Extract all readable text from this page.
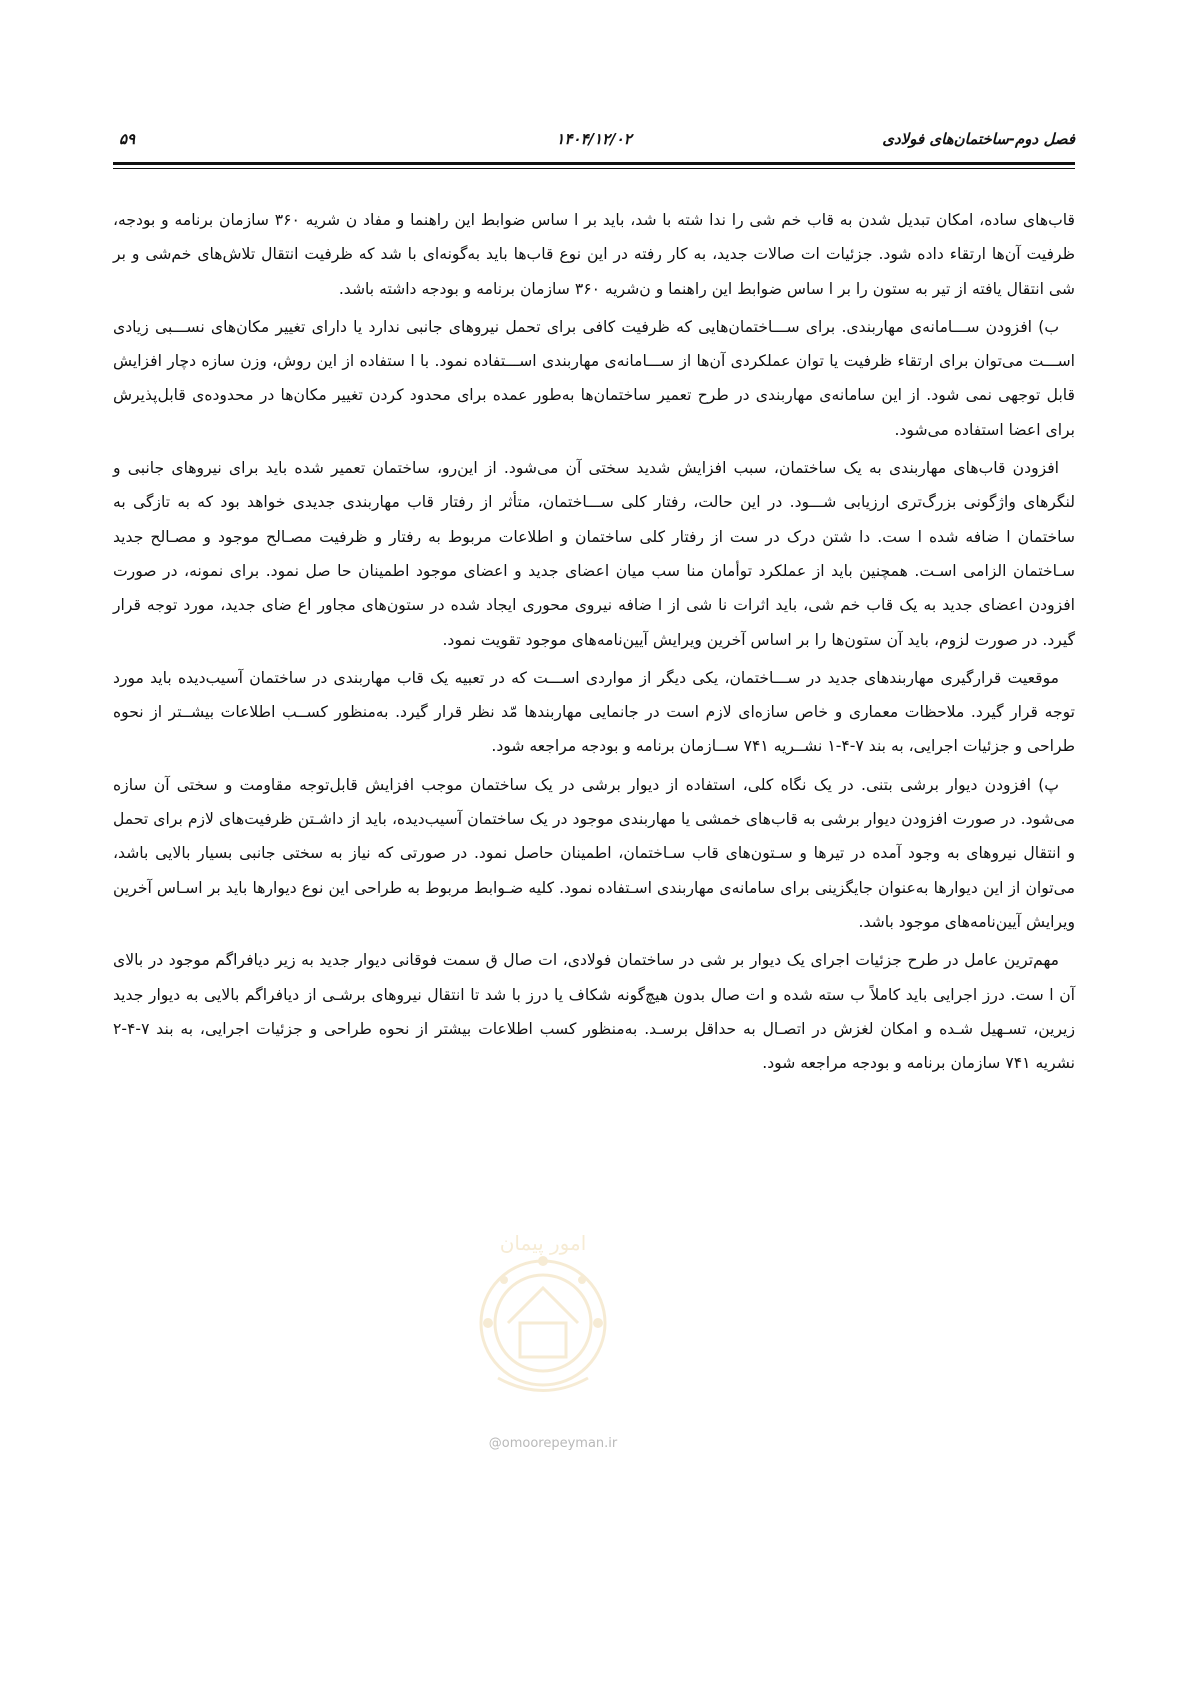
فصل دوم-ساختمان‌های فولادی
۱۴۰۴/۱۲/۰۲
۵۹

قاب‌های ساده، امکان تبدیل شدن به قاب خم شی را ندا شته با شد، باید بر ا ساس ضوابط این راهنما و مفاد ن شریه ۳۶۰ سازمان برنامه و بودجه، ظرفیت آن‌ها ارتقاء داده شود. جزئیات ات صالات جدید، به کار رفته در این نوع قاب‌ها باید به‌گونه‌ای با شد که ظرفیت انتقال تلاش‌های خم‌شی و بر شی انتقال یافته از تیر به ستون را بر ا ساس ضوابط این راهنما و ن‌شریه ۳۶۰ سازمان برنامه و بودجه داشته باشد.

ب) افزودن ســـامانه‌ی مهاربندی. برای ســـاختمان‌هایی که ظرفیت کافی برای تحمل نیروهای جانبی ندارد یا دارای تغییر مکان‌های نســـبی زیادی اســـت می‌توان برای ارتقاء ظرفیت یا توان عملکردی آن‌ها از ســـامانه‌ی مهاربندی اســـتفاده نمود. با ا ستفاده از این روش، وزن سازه دچار افزایش قابل توجهی نمی شود. از این سامانه‌ی مهاربندی در طرح تعمیر ساختمان‌ها به‌طور عمده برای محدود کردن تغییر مکان‌ها در محدوده‌ی قابل‌پذیرش برای اعضا استفاده می‌شود.

افزودن قاب‌های مهاربندی به یک ساختمان، سبب افزایش شدید سختی آن می‌شود. از این‌رو، ساختمان تعمیر شده باید برای نیروهای جانبی و لنگرهای واژگونی بزرگ‌تری ارزیابی شـــود. در این حالت، رفتار کلی ســـاختمان، متأثر از رفتار قاب مهاربندی جدیدی خواهد بود که به تازگی به ساختمان ا ضافه شده ا ست. دا شتن درک در ست از رفتار کلی ساختمان و اطلاعات مربوط به رفتار و ظرفیت مصـالح موجود و مصـالح جدید سـاختمان الزامی اسـت. همچنین باید از عملکرد توأمان منا سب میان اعضای جدید و اعضای موجود اطمینان حا صل نمود. برای نمونه، در صورت افزودن اعضای جدید به یک قاب خم شی، باید اثرات نا شی از ا ضافه نیروی محوری ایجاد شده در ستون‌های مجاور اع ضای جدید، مورد توجه قرار گیرد. در صورت لزوم، باید آن ستون‌ها را بر اساس آخرین ویرایش آیین‌نامه‌های موجود تقویت نمود.

موقعیت قرارگیری مهاربندهای جدید در ســـاختمان، یکی دیگر از مواردی اســـت که در تعبیه یک قاب مهاربندی در ساختمان آسیب‌دیده باید مورد توجه قرار گیرد. ملاحظات معماری و خاص سازه‌ای لازم است در جانمایی مهاربندها مّد نظر قرار گیرد. به‌منظور کســب اطلاعات بیشــتر از نحوه طراحی و جزئیات اجرایی، به بند ۷-۴-۱ نشــریه ۷۴۱ ســازمان برنامه و بودجه مراجعه شود.

پ) افزودن دیوار برشی بتنی. در یک نگاه کلی، استفاده از دیوار برشی در یک ساختمان موجب افزایش قابل‌توجه مقاومت و سختی آن سازه می‌شود. در صورت افزودن دیوار برشی به قاب‌های خمشی یا مهاربندی موجود در یک ساختمان آسیب‌دیده، باید از داشـتن ظرفیت‌های لازم برای تحمل و انتقال نیروهای به وجود آمده در تیرها و سـتون‌های قاب سـاختمان، اطمینان حاصل نمود. در صورتی که نیاز به سختی جانبی بسیار بالایی باشد، می‌توان از این دیوارها به‌عنوان جایگزینی برای سامانه‌ی مهاربندی اسـتفاده نمود. کلیه ضـوابط مربوط به طراحی این نوع دیوارها باید بر اسـاس آخرین ویرایش آیین‌نامه‌های موجود باشد.

مهم‌ترین عامل در طرح جزئیات اجرای یک دیوار بر شی در ساختمان فولادی، ات صال ق سمت فوقانی دیوار جدید به زیر دیافراگم موجود در بالای آن ا ست. درز اجرایی باید کاملاً ب سته شده و ات صال بدون هیچ‌گونه شکاف یا درز با شد تا انتقال نیروهای برشـی از دیافراگم بالایی به دیوار جدید زیرین، تسـهیل شـده و امکان لغزش در اتصـال به حداقل برسـد. به‌منظور کسب اطلاعات بیشتر از نحوه طراحی و جزئیات اجرایی، به بند ۷-۴-۲ نشریه ۷۴۱ سازمان برنامه و بودجه مراجعه شود.

امور پیمان
@omoorepeyman.ir
